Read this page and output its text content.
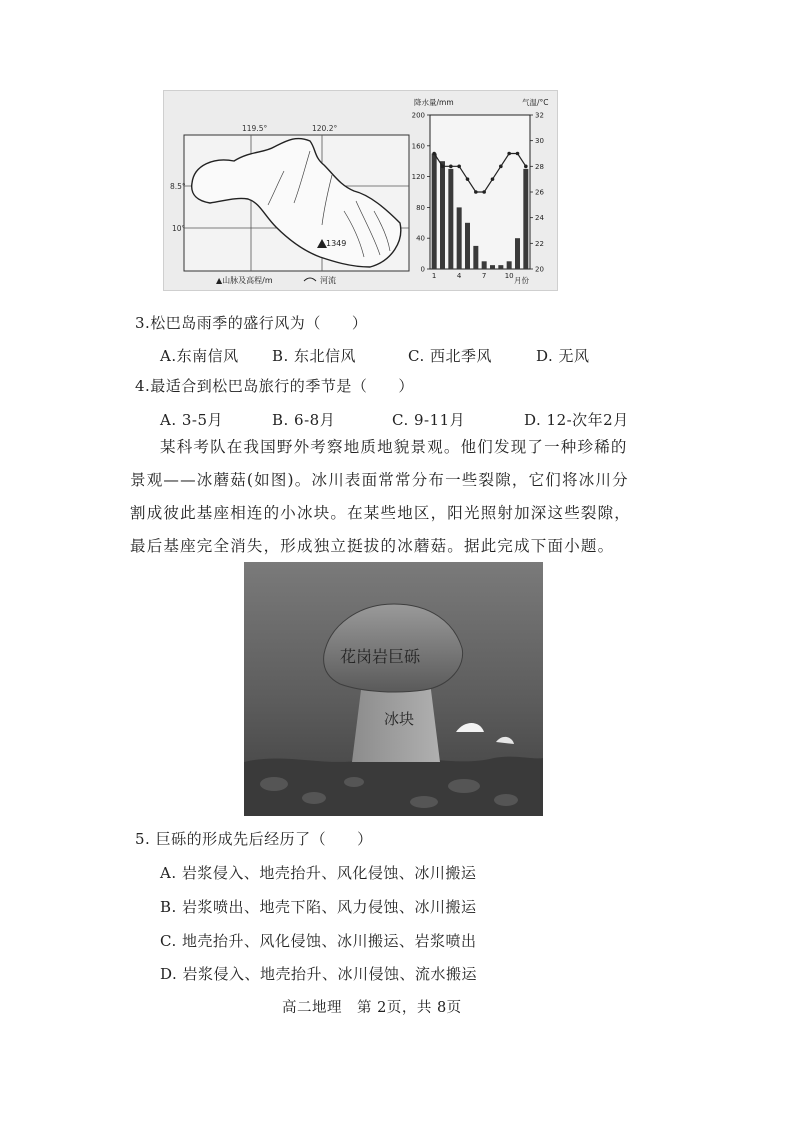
1349
119.5°	120.2°
8.5°
10°
▲山脉及高程/m	河流
降水量/mm	气温/°C
0
40
80
120
160
200
20
22
24
26
28
30
32
1	4	7	10 月份
3.松巴岛雨季的盛行风为（　　）
A.东南信风 B. 东北信风	C. 西北季风	D. 无风
4.最适合到松巴岛旅行的季节是（　　）
A. 3-5月	B. 6-8月	C. 9-11月	D. 12-次年2月
某科考队在我国野外考察地质地貌景观。他们发现了一种珍稀的
景观——冰蘑菇(如图)。冰川表面常常分布一些裂隙，它们将冰川分
割成彼此基座相连的小冰块。在某些地区，阳光照射加深这些裂隙，
最后基座完全消失，形成独立挺拔的冰蘑菇。据此完成下面小题。
花岗岩巨砾
冰块
5. 巨砾的形成先后经历了（　　）
A. 岩浆侵入、地壳抬升、风化侵蚀、冰川搬运
B. 岩浆喷出、地壳下陷、风力侵蚀、冰川搬运
C. 地壳抬升、风化侵蚀、冰川搬运、岩浆喷出
D. 岩浆侵入、地壳抬升、冰川侵蚀、流水搬运
高二地理　第 2页，共 8页
